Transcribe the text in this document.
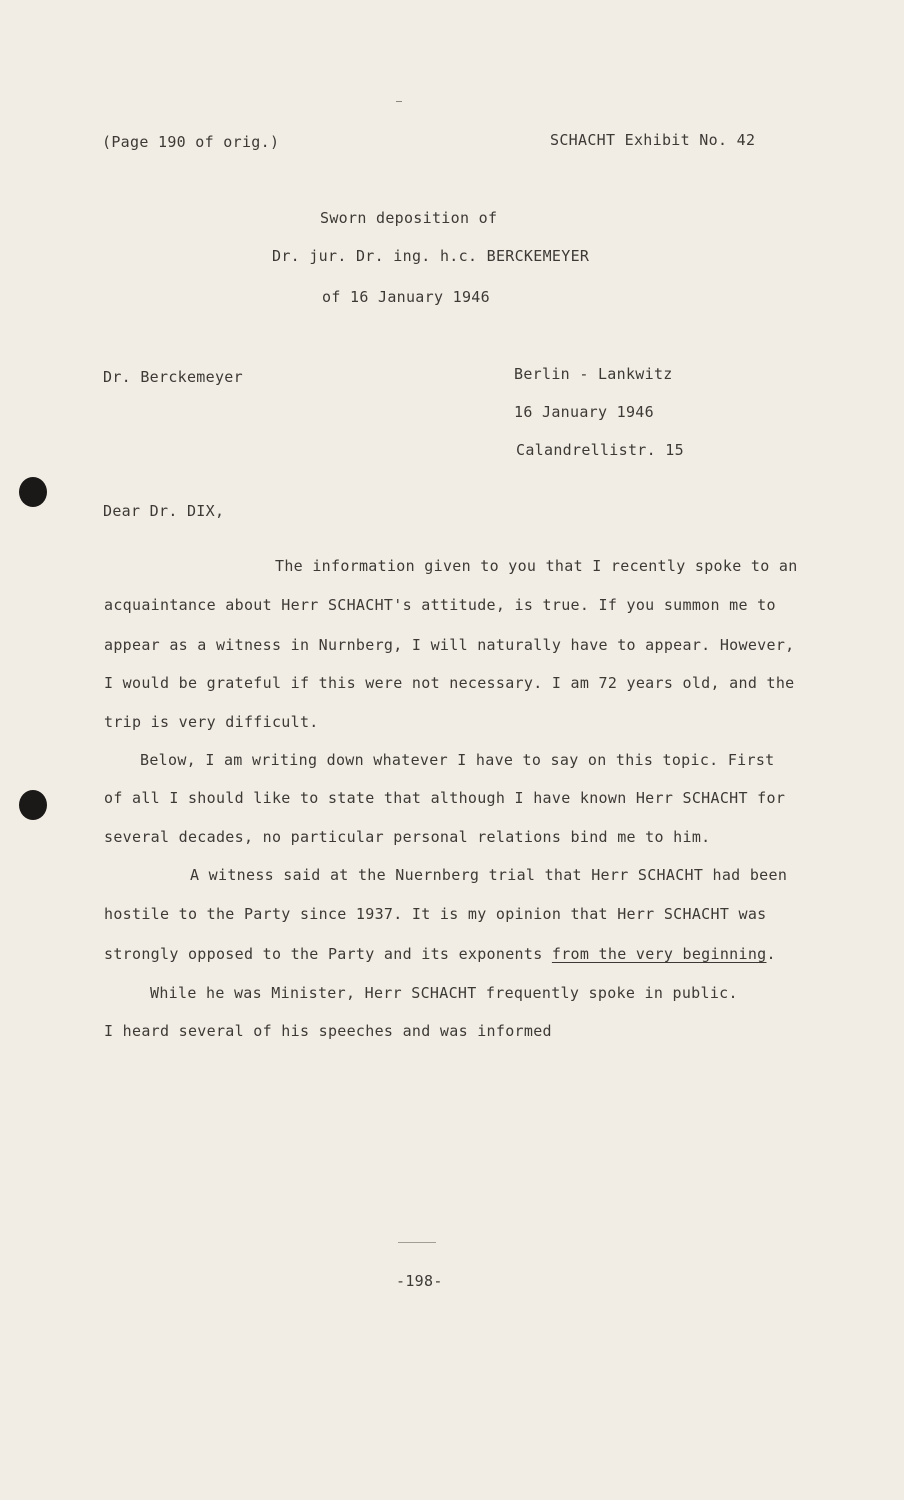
(Page 190 of orig.)	SCHACHT Exhibit No. 42
Sworn deposition of
Dr. jur. Dr. ing. h.c. BERCKEMEYER
of 16 January 1946
Dr. Berckemeyer	Berlin - Lankwitz
16 January 1946
Calandrellistr. 15
Dear Dr. DIX,
The information given to you that I recently spoke to an
acquaintance about Herr SCHACHT's attitude, is true. If you summon me to
appear as a witness in Nurnberg, I will naturally have to appear. However,
I would be grateful if this were not necessary. I am 72 years old, and the
trip is very difficult.
Below, I am writing down whatever I have to say on this topic. First
of all I should like to state that although I have known Herr SCHACHT for
several decades, no particular personal relations bind me to him.
A witness said at the Nuernberg trial that Herr SCHACHT had been
hostile to the Party since 1937. It is my opinion that Herr SCHACHT was
strongly opposed to the Party and its exponents from the very beginning.
While he was Minister, Herr SCHACHT frequently spoke in public.
I heard several of his speeches and was informed
-198-
